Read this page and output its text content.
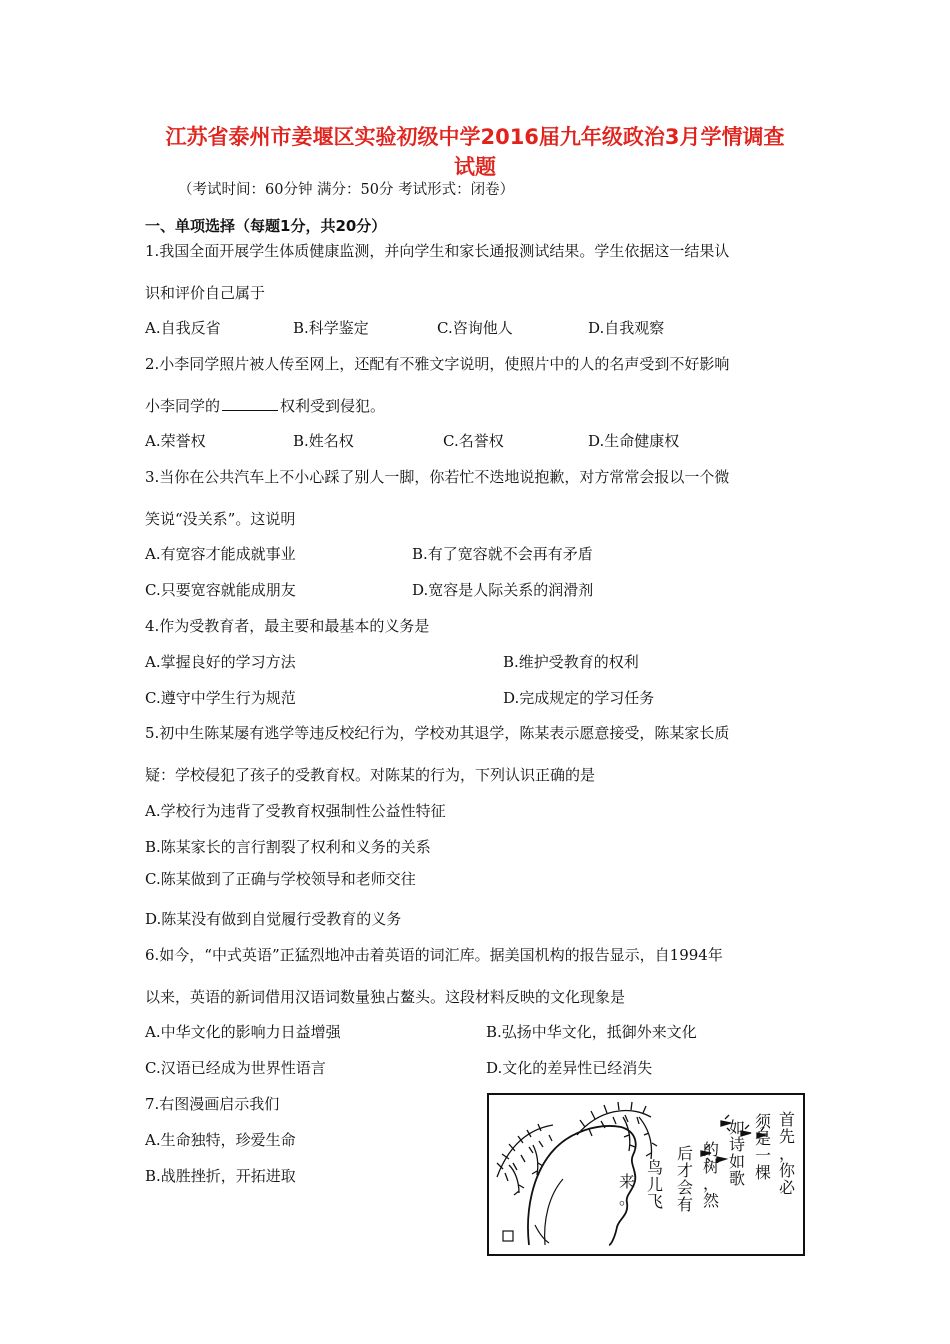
江苏省泰州市姜堰区实验初级中学2016届九年级政治3月学情调查
试题
（考试时间：60分钟 满分：50分 考试形式：闭卷）
一、单项选择（每题1分，共20分）
1.我国全面开展学生体质健康监测，并向学生和家长通报测试结果。学生依据这一结果认
识和评价自己属于
A.自我反省	B.科学鉴定	C.咨询他人	D.自我观察
2.小李同学照片被人传至网上，还配有不雅文字说明，使照片中的人的名声受到不好影响
小李同学的	权利受到侵犯。
A.荣誉权	B.姓名权	C.名誉权	D.生命健康权
3.当你在公共汽车上不小心踩了别人一脚，你若忙不迭地说抱歉，对方常常会报以一个微
笑说“没关系”。这说明
A.有宽容才能成就事业	B.有了宽容就不会再有矛盾
C.只要宽容就能成朋友	D.宽容是人际关系的润滑剂
4.作为受教育者，最主要和最基本的义务是
A.掌握良好的学习方法	B.维护受教育的权利
C.遵守中学生行为规范	D.完成规定的学习任务
5.初中生陈某屡有逃学等违反校纪行为，学校劝其退学，陈某表示愿意接受，陈某家长质
疑：学校侵犯了孩子的受教育权。对陈某的行为，下列认识正确的是
A.学校行为违背了受教育权强制性公益性特征
B.陈某家长的言行割裂了权利和义务的关系
C.陈某做到了正确与学校领导和老师交往
D.陈某没有做到自觉履行受教育的义务
6.如今，“中式英语”正猛烈地冲击着英语的词汇库。据美国机构的报告显示，自1994年
以来，英语的新词借用汉语词数量独占鳌头。这段材料反映的文化现象是
A.中华文化的影响力日益增强	B.弘扬中华文化，抵御外来文化
C.汉语已经成为世界性语言	D.文化的差异性已经消失
7.右图漫画启示我们
A.生命独特，珍爱生命
B.战胜挫折，开拓进取
首先，你必
须是一棵
如诗如歌
的树，然
后才会有
鸟儿飞
来。
